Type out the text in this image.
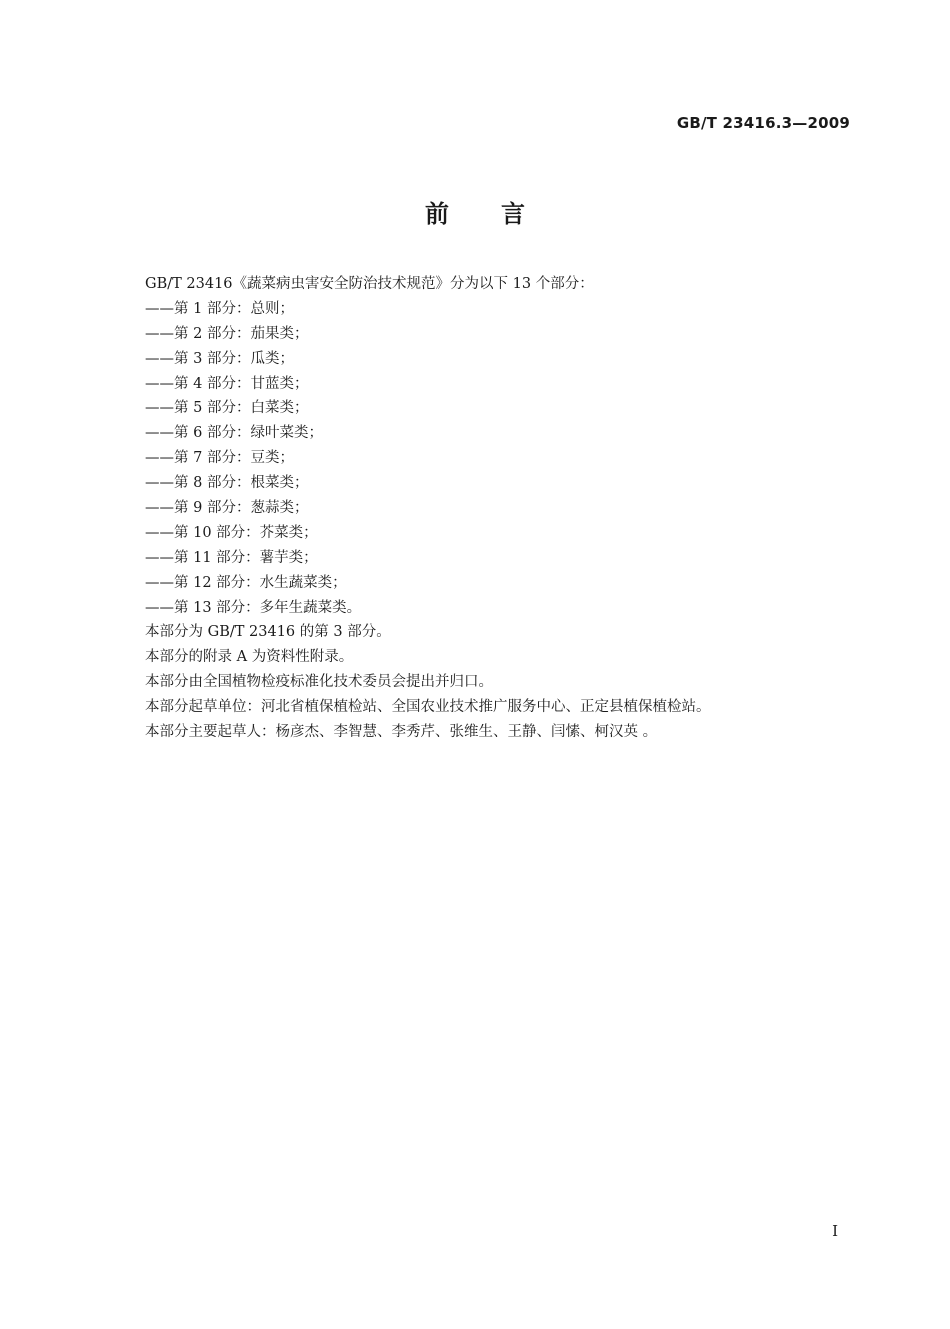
GB/T 23416.3—2009
前言
GB/T 23416《蔬菜病虫害安全防治技术规范》分为以下 13 个部分：
——第 1 部分：总则；
——第 2 部分：茄果类；
——第 3 部分：瓜类；
——第 4 部分：甘蓝类；
——第 5 部分：白菜类；
——第 6 部分：绿叶菜类；
——第 7 部分：豆类；
——第 8 部分：根菜类；
——第 9 部分：葱蒜类；
——第 10 部分：芥菜类；
——第 11 部分：薯芋类；
——第 12 部分：水生蔬菜类；
——第 13 部分：多年生蔬菜类。
本部分为 GB/T 23416 的第 3 部分。
本部分的附录 A 为资料性附录。
本部分由全国植物检疫标准化技术委员会提出并归口。
本部分起草单位：河北省植保植检站、全国农业技术推广服务中心、正定县植保植检站。
本部分主要起草人：杨彦杰、李智慧、李秀芹、张维生、王静、闫愫、柯汉英 。
I
